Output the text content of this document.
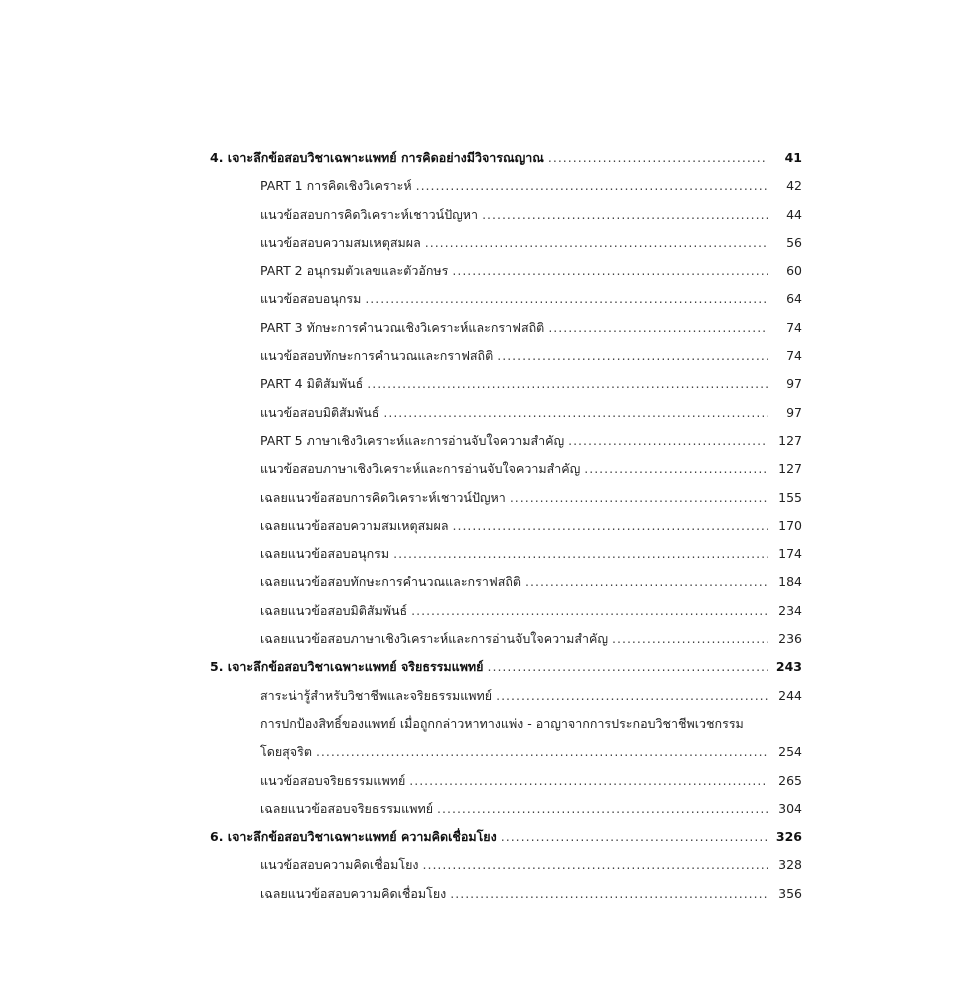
4. เจาะลึกข้อสอบวิชาเฉพาะแพทย์ การคิดอย่างมีวิจารณญาณ .....	41
PART 1 การคิดเชิงวิเคราะห์ .....	42
แนวข้อสอบการคิดวิเคราะห์เชาวน์ปัญหา .....	44
แนวข้อสอบความสมเหตุสมผล .....	56
PART 2 อนุกรมตัวเลขและตัวอักษร .....	60
แนวข้อสอบอนุกรม .....	64
PART 3 ทักษะการคำนวณเชิงวิเคราะห์และกราฟสถิติ .....	74
แนวข้อสอบทักษะการคำนวณและกราฟสถิติ .....	74
PART 4 มิติสัมพันธ์ .....	97
แนวข้อสอบมิติสัมพันธ์ .....	97
PART 5 ภาษาเชิงวิเคราะห์และการอ่านจับใจความสำคัญ .....	127
แนวข้อสอบภาษาเชิงวิเคราะห์และการอ่านจับใจความสำคัญ .....	127
เฉลยแนวข้อสอบการคิดวิเคราะห์เชาวน์ปัญหา .....	155
เฉลยแนวข้อสอบความสมเหตุสมผล .....	170
เฉลยแนวข้อสอบอนุกรม .....	174
เฉลยแนวข้อสอบทักษะการคำนวณและกราฟสถิติ .....	184
เฉลยแนวข้อสอบมิติสัมพันธ์ .....	234
เฉลยแนวข้อสอบภาษาเชิงวิเคราะห์และการอ่านจับใจความสำคัญ .....	236
5. เจาะลึกข้อสอบวิชาเฉพาะแพทย์ จริยธรรมแพทย์ .....	243
สาระน่ารู้สำหรับวิชาชีพและจริยธรรมแพทย์ .....	244
การปกป้องสิทธิ์ของแพทย์ เมื่อถูกกล่าวหาทางแพ่ง - อาญาจากการประกอบวิชาชีพเวชกรรม
โดยสุจริต .....	254
แนวข้อสอบจริยธรรมแพทย์ .....	265
เฉลยแนวข้อสอบจริยธรรมแพทย์ .....	304
6. เจาะลึกข้อสอบวิชาเฉพาะแพทย์ ความคิดเชื่อมโยง .....	326
แนวข้อสอบความคิดเชื่อมโยง .....	328
เฉลยแนวข้อสอบความคิดเชื่อมโยง .....	356
